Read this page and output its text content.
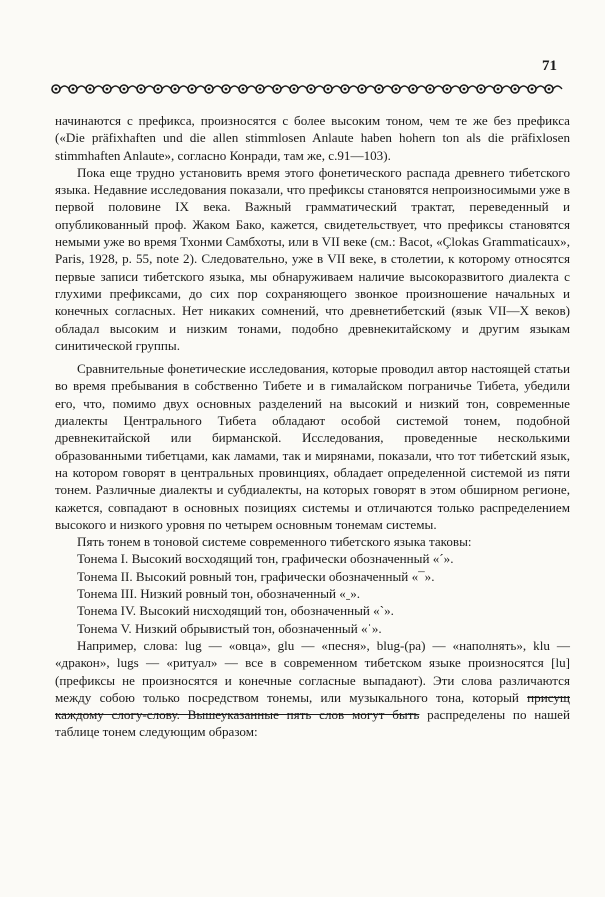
71

начинаются с префикса, произносятся с более высоким тоном, чем те же без префикса («Die präfixhaften und die allen stimmlosen Anlaute haben hohern ton als die präfixlosen stimmhaften Anlaute», согласно Конради, там же, с.91—103).

Пока еще трудно установить время этого фонетического распада древнего тибетского языка. Недавние исследования показали, что префиксы становятся непроизносимыми уже в первой половине IX века. Важный грамматический трактат, переведенный и опубликованный проф. Жаком Бако, кажется, свидетельствует, что префиксы становятся немыми уже во время Тхонми Самбхоты, или в VII веке (см.: Bacot, «Çlokas Grammaticaux», Paris, 1928, p. 55, note 2). Следовательно, уже в VII веке, в столетии, к которому относятся первые записи тибетского языка, мы обнаруживаем наличие высокоразвитого диалекта с глухими префиксами, до сих пор сохраняющего звонкое произношение начальных и конечных согласных. Нет никаких сомнений, что древнетибетский (язык VII—X веков) обладал высоким и низким тонами, подобно древнекитайскому и другим языкам синитической группы.

Сравнительные фонетические исследования, которые проводил автор настоящей статьи во время пребывания в собственно Тибете и в гималайском пограничье Тибета, убедили его, что, помимо двух основных разделений на высокий и низкий тон, современные диалекты Центрального Тибета обладают особой системой тонем, подобной древнекитайской или бирманской. Исследования, проведенные несколькими образованными тибетцами, как ламами, так и мирянами, показали, что тот тибетский язык, на котором говорят в центральных провинциях, обладает определенной системой из пяти тонем. Различные диалекты и субдиалекты, на которых говорят в этом обширном регионе, кажется, совпадают в основных позициях системы и отличаются только распределением высокого и низкого уровня по четырем основным тонемам системы.

Пять тонем в тоновой системе современного тибетского языка таковы:

Тонема I. Высокий восходящий тон, графически обозначенный «ˊ».
Тонема II. Высокий ровный тон, графически обозначенный «¯».
Тонема III. Низкий ровный тон, обозначенный «ˍ».
Тонема IV. Высокий нисходящий тон, обозначенный «ˋ».
Тонема V. Низкий обрывистый тон, обозначенный «ˈ».

Например, слова: lug — «овца», glu — «песня», blug-(pa) — «наполнять», klu — «дракон», lugs — «ритуал» — все в современном тибетском языке произносятся [lu] (префиксы не произносятся и конечные согласные выпадают). Эти слова различаются между собою только посредством тонемы, или музыкального тона, который присущ каждому слогу-слову. Вышеуказанные пять слов могут быть распределены по нашей таблице тонем следующим образом:
